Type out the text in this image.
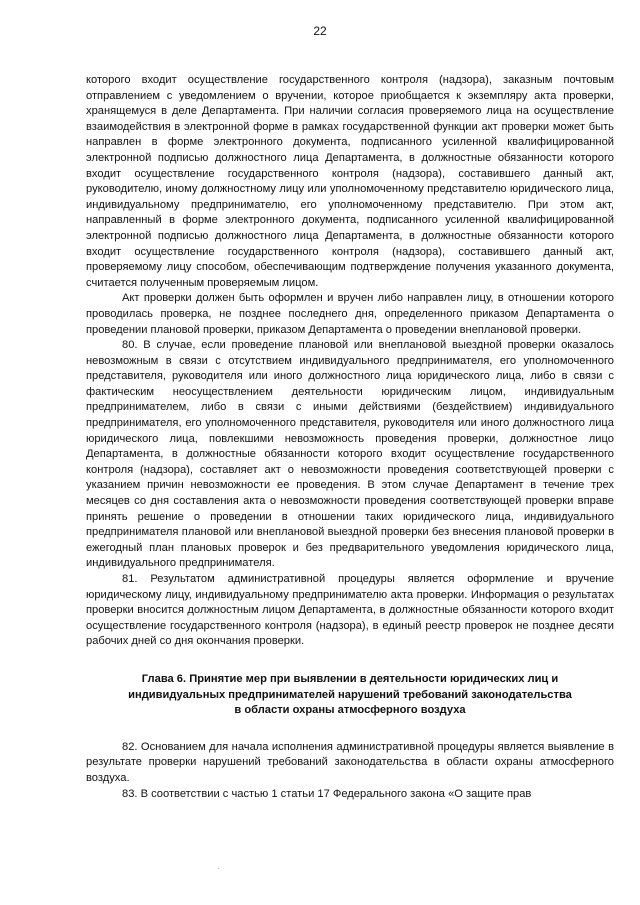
22

которого входит осуществление государственного контроля (надзора), заказным почтовым отправлением с уведомлением о вручении, которое приобщается к экземпляру акта проверки, хранящемуся в деле Департамента. При наличии согласия проверяемого лица на осуществление взаимодействия в электронной форме в рамках государственной функции акт проверки может быть направлен в форме электронного документа, подписанного усиленной квалифицированной электронной подписью должностного лица Департамента, в должностные обязанности которого входит осуществление государственного контроля (надзора), составившего данный акт, руководителю, иному должностному лицу или уполномоченному представителю юридического лица, индивидуальному предпринимателю, его уполномоченному представителю. При этом акт, направленный в форме электронного документа, подписанного усиленной квалифицированной электронной подписью должностного лица Департамента, в должностные обязанности которого входит осуществление государственного контроля (надзора), составившего данный акт, проверяемому лицу способом, обеспечивающим подтверждение получения указанного документа, считается полученным проверяемым лицом.

Акт проверки должен быть оформлен и вручен либо направлен лицу, в отношении которого проводилась проверка, не позднее последнего дня, определенного приказом Департамента о проведении плановой проверки, приказом Департамента о проведении внеплановой проверки.

80. В случае, если проведение плановой или внеплановой выездной проверки оказалось невозможным в связи с отсутствием индивидуального предпринимателя, его уполномоченного представителя, руководителя или иного должностного лица юридического лица, либо в связи с фактическим неосуществлением деятельности юридическим лицом, индивидуальным предпринимателем, либо в связи с иными действиями (бездействием) индивидуального предпринимателя, его уполномоченного представителя, руководителя или иного должностного лица юридического лица, повлекшими невозможность проведения проверки, должностное лицо Департамента, в должностные обязанности которого входит осуществление государственного контроля (надзора), составляет акт о невозможности проведения соответствующей проверки с указанием причин невозможности ее проведения. В этом случае Департамент в течение трех месяцев со дня составления акта о невозможности проведения соответствующей проверки вправе принять решение о проведении в отношении таких юридического лица, индивидуального предпринимателя плановой или внеплановой выездной проверки без внесения плановой проверки в ежегодный план плановых проверок и без предварительного уведомления юридического лица, индивидуального предпринимателя.

81. Результатом административной процедуры является оформление и вручение юридическому лицу, индивидуальному предпринимателю акта проверки. Информация о результатах проверки вносится должностным лицом Департамента, в должностные обязанности которого входит осуществление государственного контроля (надзора), в единый реестр проверок не позднее десяти рабочих дней со дня окончания проверки.

Глава 6. Принятие мер при выявлении в деятельности юридических лиц и
индивидуальных предпринимателей нарушений требований законодательства
в области охраны атмосферного воздуха

82. Основанием для начала исполнения административной процедуры является выявление в результате проверки нарушений требований законодательства в области охраны атмосферного воздуха.

83. В соответствии с частью 1 статьи 17 Федерального закона «О защите прав
